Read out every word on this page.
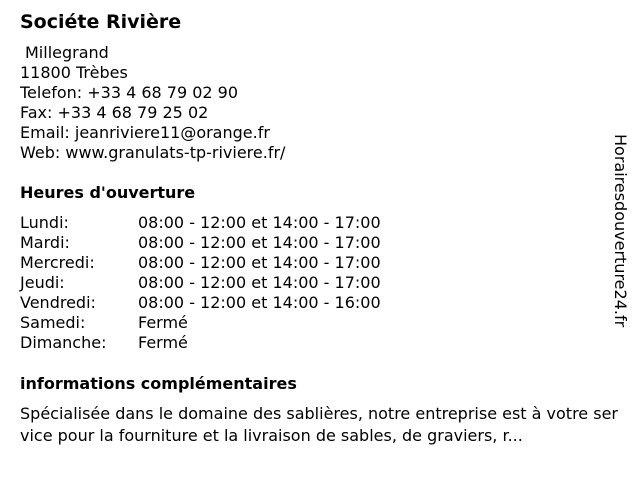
Sociéte Rivière
Millegrand
11800 Trèbes
Telefon: +33 4 68 79 02 90
Fax: +33 4 68 79 25 02
Email: jeanriviere11@orange.fr
Web: www.granulats-tp-riviere.fr/
Heures d'ouverture
Lundi:	08:00 - 12:00 et 14:00 - 17:00
Mardi:	08:00 - 12:00 et 14:00 - 17:00
Mercredi:	08:00 - 12:00 et 14:00 - 17:00
Jeudi:	08:00 - 12:00 et 14:00 - 17:00
Vendredi:	08:00 - 12:00 et 14:00 - 16:00
Samedi:	Fermé
Dimanche:	Fermé
informations complémentaires
Spécialisée dans le domaine des sablières, notre entreprise est à votre service pour la fourniture et la livraison de sables, de graviers, r...
Horairesdouverture24.fr
